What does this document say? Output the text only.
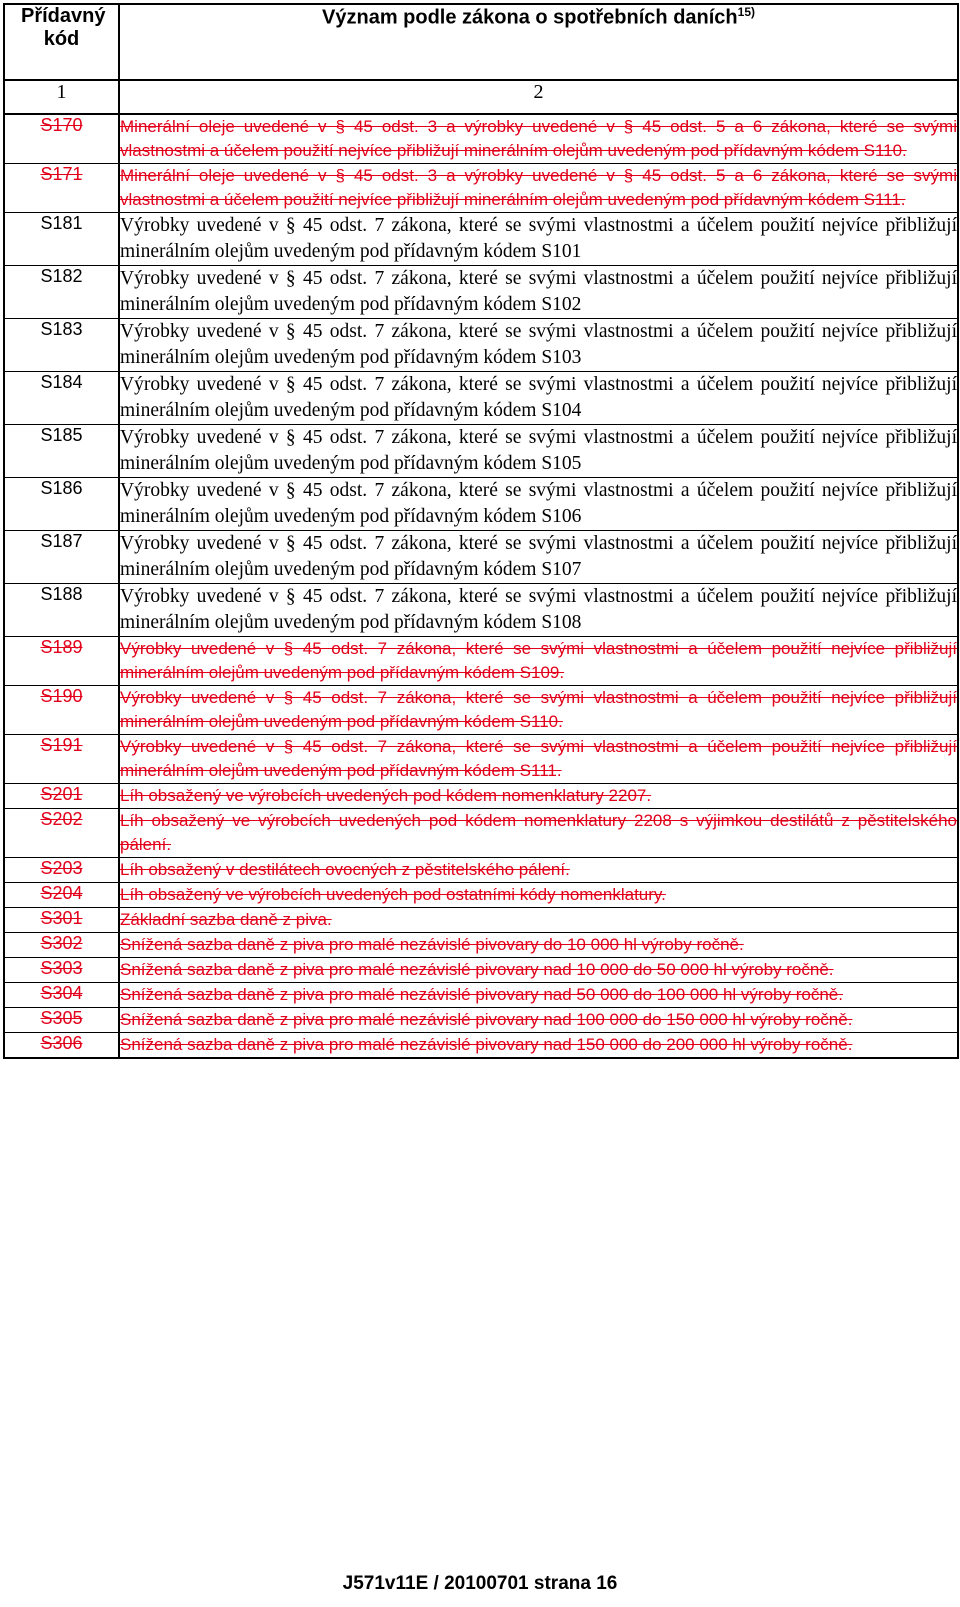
Přídavný kód	Význam podle zákona o spotřebních daních$^{15)}$
1	2
S170	Minerální oleje uvedené v § 45 odst. 3 a výrobky uvedené v § 45 odst. 5 a 6 zákona, které se svými vlastnostmi a účelem použití nejvíce přibližují minerálním olejům uvedeným pod přídavným kódem S110.
S171	Minerální oleje uvedené v § 45 odst. 3 a výrobky uvedené v § 45 odst. 5 a 6 zákona, které se svými vlastnostmi a účelem použití nejvíce přibližují minerálním olejům uvedeným pod přídavným kódem S111.
S181	Výrobky uvedené v § 45 odst. 7 zákona, které se svými vlastnostmi a účelem použití nejvíce přibližují minerálním olejům uvedeným pod přídavným kódem S101
S182	Výrobky uvedené v § 45 odst. 7 zákona, které se svými vlastnostmi a účelem použití nejvíce přibližují minerálním olejům uvedeným pod přídavným kódem S102
S183	Výrobky uvedené v § 45 odst. 7 zákona, které se svými vlastnostmi a účelem použití nejvíce přibližují minerálním olejům uvedeným pod přídavným kódem S103
S184	Výrobky uvedené v § 45 odst. 7 zákona, které se svými vlastnostmi a účelem použití nejvíce přibližují minerálním olejům uvedeným pod přídavným kódem S104
S185	Výrobky uvedené v § 45 odst. 7 zákona, které se svými vlastnostmi a účelem použití nejvíce přibližují minerálním olejům uvedeným pod přídavným kódem S105
S186	Výrobky uvedené v § 45 odst. 7 zákona, které se svými vlastnostmi a účelem použití nejvíce přibližují minerálním olejům uvedeným pod přídavným kódem S106
S187	Výrobky uvedené v § 45 odst. 7 zákona, které se svými vlastnostmi a účelem použití nejvíce přibližují minerálním olejům uvedeným pod přídavným kódem S107
S188	Výrobky uvedené v § 45 odst. 7 zákona, které se svými vlastnostmi a účelem použití nejvíce přibližují minerálním olejům uvedeným pod přídavným kódem S108
S189	Výrobky uvedené v § 45 odst. 7 zákona, které se svými vlastnostmi a účelem použití nejvíce přibližují minerálním olejům uvedeným pod přídavným kódem S109.
S190	Výrobky uvedené v § 45 odst. 7 zákona, které se svými vlastnostmi a účelem použití nejvíce přibližují minerálním olejům uvedeným pod přídavným kódem S110.
S191	Výrobky uvedené v § 45 odst. 7 zákona, které se svými vlastnostmi a účelem použití nejvíce přibližují minerálním olejům uvedeným pod přídavným kódem S111.
S201	Líh obsažený ve výrobcích uvedených pod kódem nomenklatury 2207.
S202	Líh obsažený ve výrobcích uvedených pod kódem nomenklatury 2208 s výjimkou destilátů z pěstitelského pálení.
S203	Líh obsažený v destilátech ovocných z pěstitelského pálení.
S204	Líh obsažený ve výrobcích uvedených pod ostatními kódy nomenklatury.
S301	Základní sazba daně z piva.
S302	Snížená sazba daně z piva pro malé nezávislé pivovary do 10 000 hl výroby ročně.
S303	Snížená sazba daně z piva pro malé nezávislé pivovary nad 10 000 do 50 000 hl výroby ročně.
S304	Snížená sazba daně z piva pro malé nezávislé pivovary nad 50 000 do 100 000 hl výroby ročně.
S305	Snížená sazba daně z piva pro malé nezávislé pivovary nad 100 000 do 150 000 hl výroby ročně.
S306	Snížená sazba daně z piva pro malé nezávislé pivovary nad 150 000 do 200 000 hl výroby ročně.
J571v11E / 20100701 strana 16
